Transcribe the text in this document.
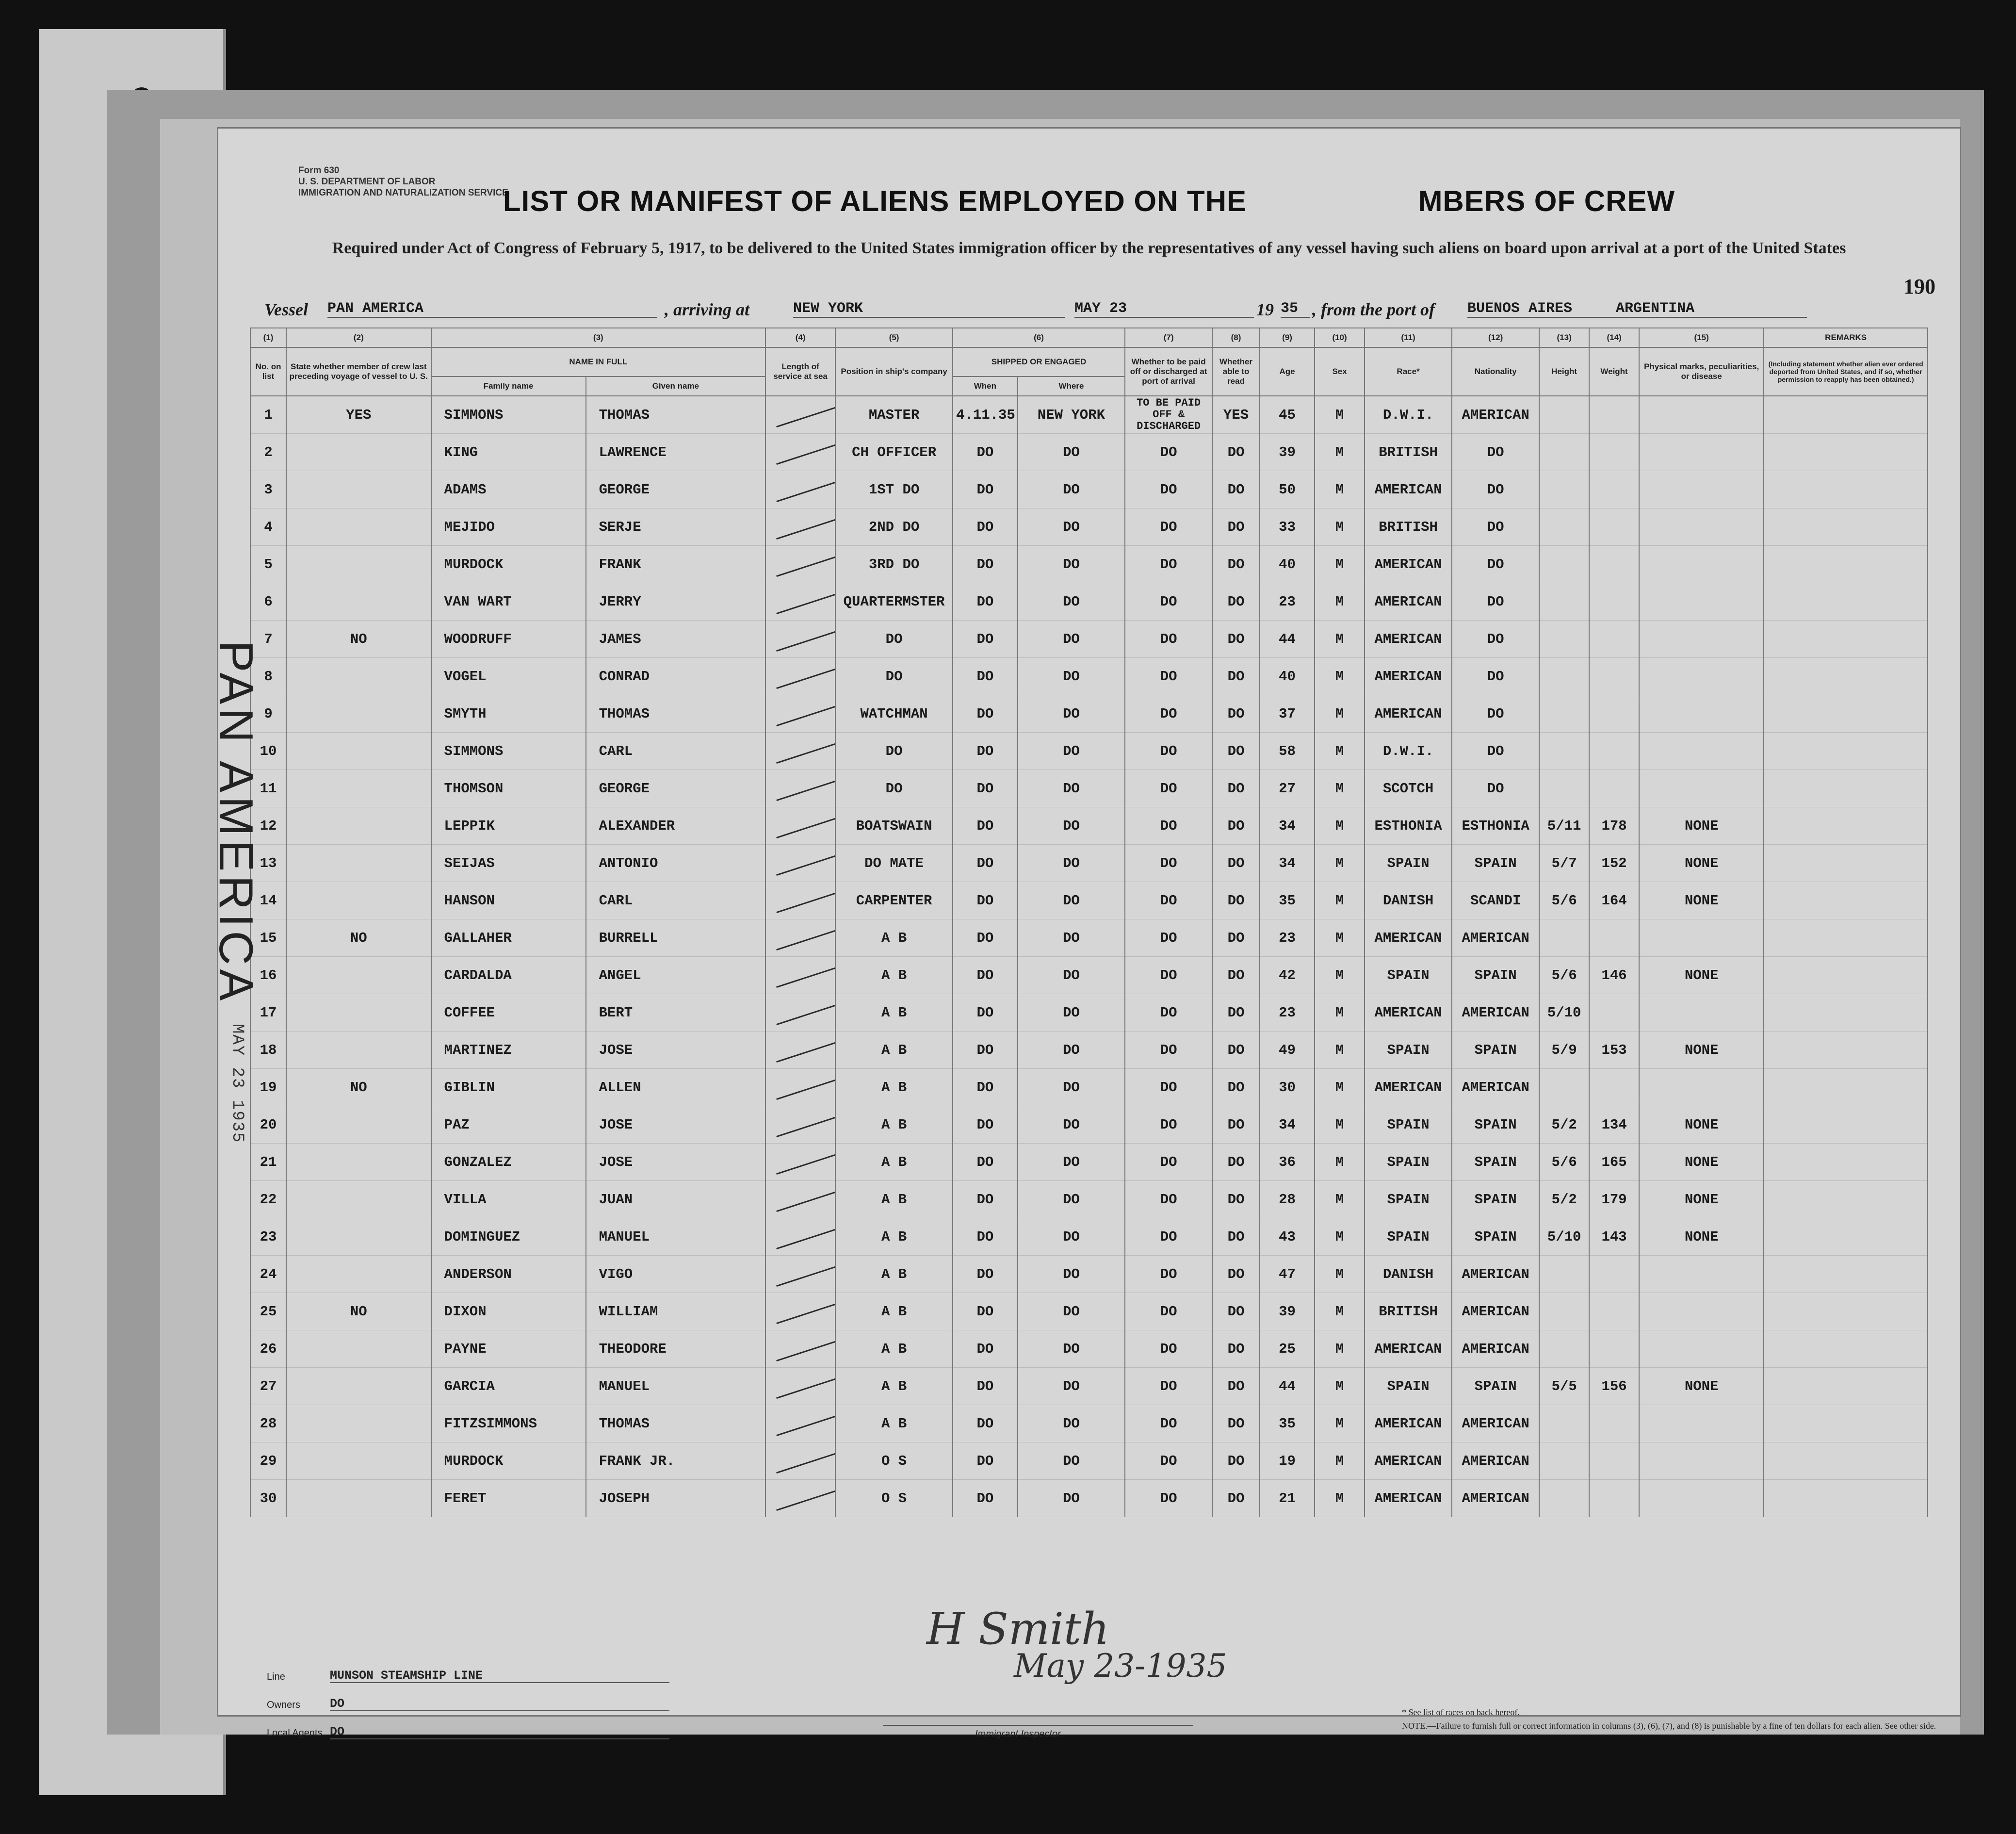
Form 630
U. S. DEPARTMENT OF LABOR
IMMIGRATION AND NATURALIZATION SERVICE
LIST OR MANIFEST OF ALIENS EMPLOYED ON THE                    MBERS OF CREW
Required under Act of Congress of February 5, 1917, to be delivered to the United States immigration officer by the representatives of any vessel having such aliens on board upon arrival at a port of the United States
190
Vessel PAN AMERICA	, arriving at	NEW YORK	MAY 23	19 35 , from the port of BUENOS AIRES     ARGENTINA
(1)	(2)	(3)		(4)	(5)	(6)		(7)	(8)	(9)	(10)	(11)	(12)	(13)	(14)	(15)	REMARKS
No. on list	State whether member of crew last preceding voyage of vessel to U. S.	NAME IN FULL		Length of service at sea	Position in ship's company	SHIPPED OR ENGAGED		Whether to be paid off or discharged at port of arrival	Whether able to read	Age	Sex	Race*	Nationality	Height	Weight	Physical marks, peculiarities, or disease	(Including statement whether alien ever ordered deported from United States, and if so, whether permission to reapply has been obtained.)
		Family name	Given name			When	Where										
1	YES	SIMMONS	THOMAS		MASTER	4.11.35	NEW YORK	TO BE PAID OFF & DISCHARGED	YES	45	M	D.W.I.	AMERICAN				
2		KING	LAWRENCE		CH OFFICER	DO	DO	DO	DO	39	M	BRITISH	DO				
3		ADAMS	GEORGE		1ST DO	DO	DO	DO	DO	50	M	AMERICAN	DO				
4		MEJIDO	SERJE		2ND DO	DO	DO	DO	DO	33	M	BRITISH	DO				
5		MURDOCK	FRANK		3RD DO	DO	DO	DO	DO	40	M	AMERICAN	DO				
6		VAN WART	JERRY		QUARTERMSTER	DO	DO	DO	DO	23	M	AMERICAN	DO				
7	NO	WOODRUFF	JAMES		DO	DO	DO	DO	DO	44	M	AMERICAN	DO				
8		VOGEL	CONRAD		DO	DO	DO	DO	DO	40	M	AMERICAN	DO				
9		SMYTH	THOMAS		WATCHMAN	DO	DO	DO	DO	37	M	AMERICAN	DO				
10		SIMMONS	CARL		DO	DO	DO	DO	DO	58	M	D.W.I.	DO				
11		THOMSON	GEORGE		DO	DO	DO	DO	DO	27	M	SCOTCH	DO				
12		LEPPIK	ALEXANDER		BOATSWAIN	DO	DO	DO	DO	34	M	ESTHONIA	ESTHONIA	5/11	178	NONE	
13		SEIJAS	ANTONIO		DO MATE	DO	DO	DO	DO	34	M	SPAIN	SPAIN	5/7	152	NONE	
14		HANSON	CARL		CARPENTER	DO	DO	DO	DO	35	M	DANISH	SCANDI	5/6	164	NONE	
15	NO	GALLAHER	BURRELL		A B	DO	DO	DO	DO	23	M	AMERICAN	AMERICAN				
16		CARDALDA	ANGEL		A B	DO	DO	DO	DO	42	M	SPAIN	SPAIN	5/6	146	NONE	
17		COFFEE	BERT		A B	DO	DO	DO	DO	23	M	AMERICAN	AMERICAN	5/10			
18		MARTINEZ	JOSE		A B	DO	DO	DO	DO	49	M	SPAIN	SPAIN	5/9	153	NONE	
19	NO	GIBLIN	ALLEN		A B	DO	DO	DO	DO	30	M	AMERICAN	AMERICAN				
20		PAZ	JOSE		A B	DO	DO	DO	DO	34	M	SPAIN	SPAIN	5/2	134	NONE	
21		GONZALEZ	JOSE		A B	DO	DO	DO	DO	36	M	SPAIN	SPAIN	5/6	165	NONE	
22		VILLA	JUAN		A B	DO	DO	DO	DO	28	M	SPAIN	SPAIN	5/2	179	NONE	
23		DOMINGUEZ	MANUEL		A B	DO	DO	DO	DO	43	M	SPAIN	SPAIN	5/10	143	NONE	
24		ANDERSON	VIGO		A B	DO	DO	DO	DO	47	M	DANISH	AMERICAN				
25	NO	DIXON	WILLIAM		A B	DO	DO	DO	DO	39	M	BRITISH	AMERICAN				
26		PAYNE	THEODORE		A B	DO	DO	DO	DO	25	M	AMERICAN	AMERICAN				
27		GARCIA	MANUEL		A B	DO	DO	DO	DO	44	M	SPAIN	SPAIN	5/5	156	NONE	
28		FITZSIMMONS	THOMAS		A B	DO	DO	DO	DO	35	M	AMERICAN	AMERICAN				
29		MURDOCK	FRANK JR.		O S	DO	DO	DO	DO	19	M	AMERICAN	AMERICAN				
30		FERET	JOSEPH		O S	DO	DO	DO	DO	21	M	AMERICAN	AMERICAN				
H Smith
May 23-1935
Line	MUNSON STEAMSHIP LINE
Owners DO
Local Agents DO	Immigrant Inspector.
* See list of races on back hereof.
NOTE.—Failure to furnish full or correct information in columns (3), (6), (7), and (8) is punishable by a fine of ten dollars for each alien. See other side.
PAN AMERICA
MAY 23 1935
